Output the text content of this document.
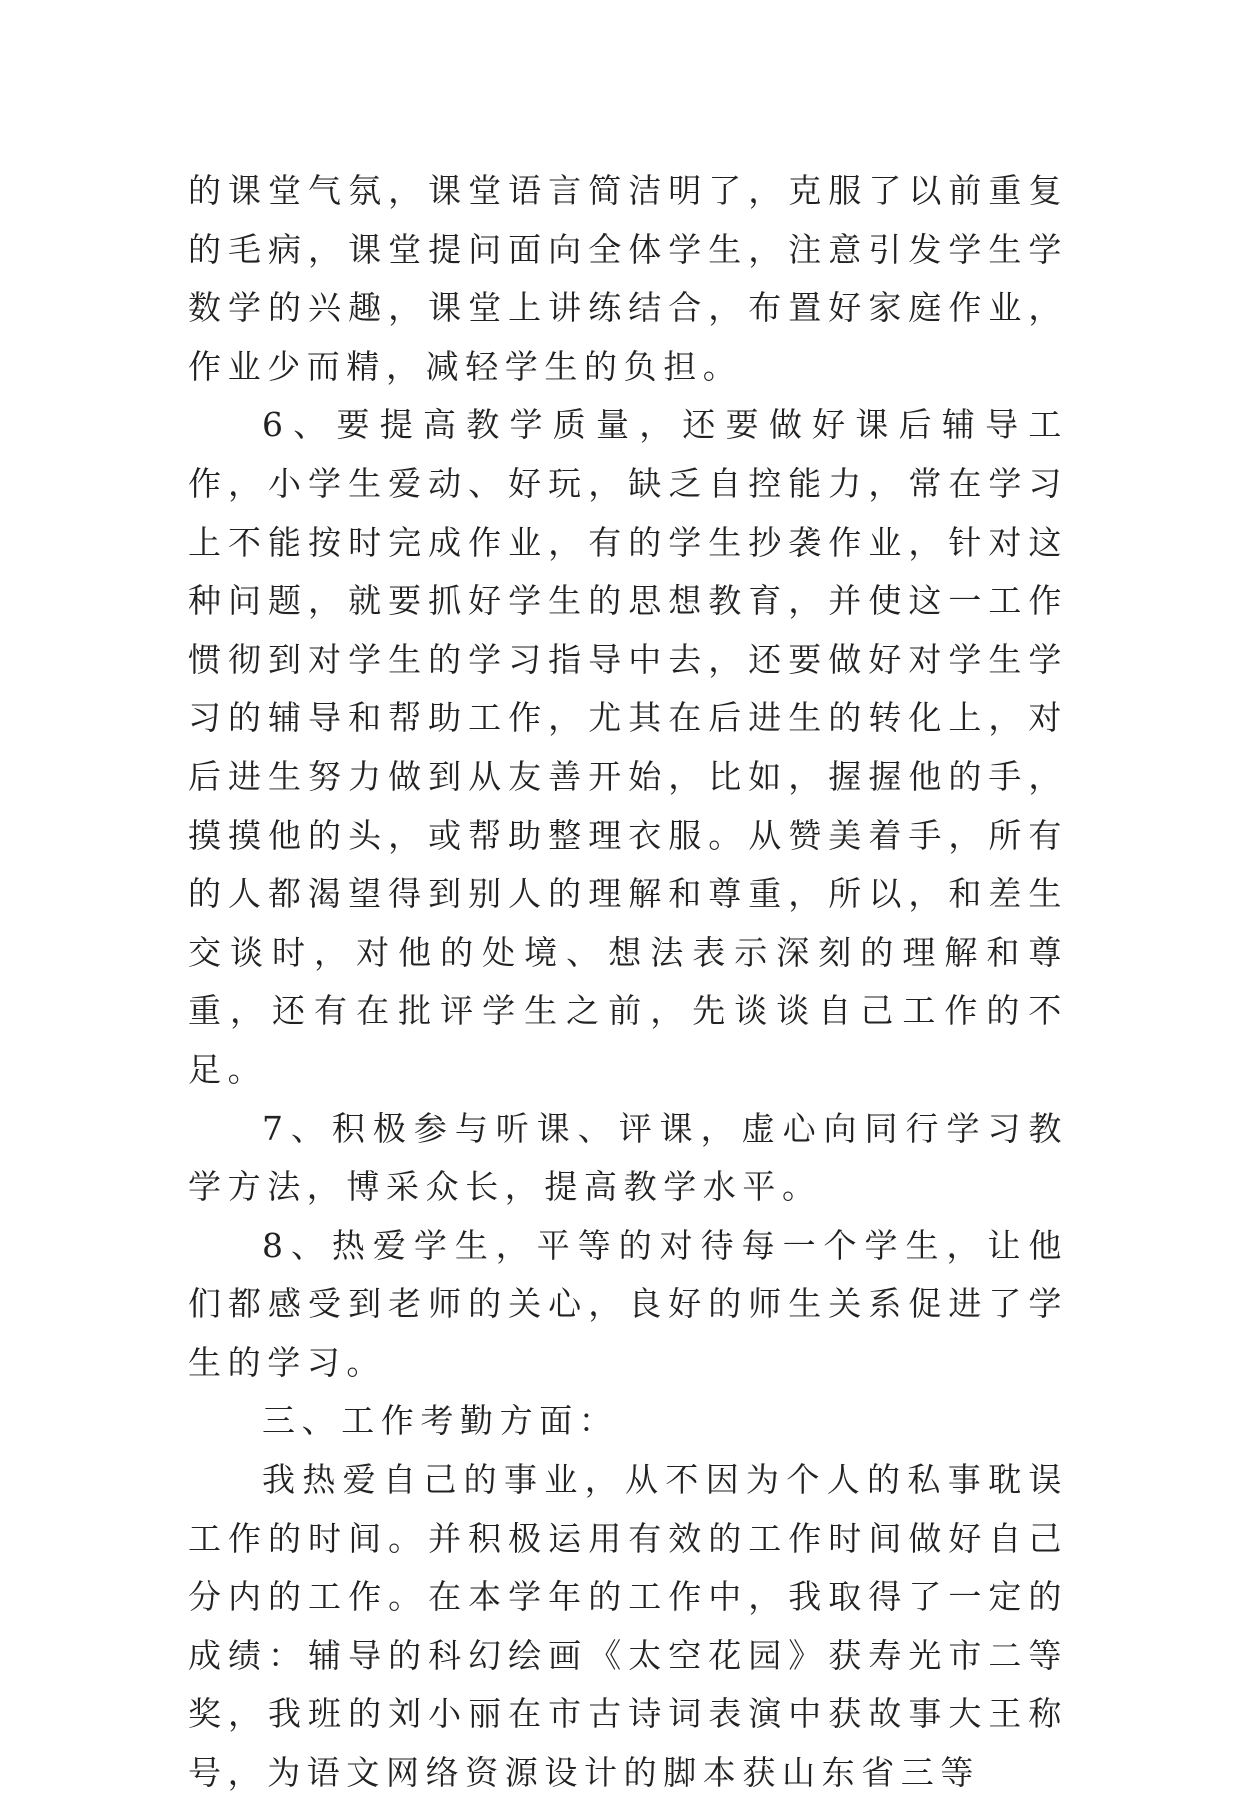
的课堂气氛，课堂语言简洁明了，克服了以前重复的毛病，课堂提问面向全体学生，注意引发学生学数学的兴趣，课堂上讲练结合，布置好家庭作业，作业少而精，减轻学生的负担。

6、要提高教学质量，还要做好课后辅导工作，小学生爱动、好玩，缺乏自控能力，常在学习上不能按时完成作业，有的学生抄袭作业，针对这种问题，就要抓好学生的思想教育，并使这一工作惯彻到对学生的学习指导中去，还要做好对学生学习的辅导和帮助工作，尤其在后进生的转化上，对后进生努力做到从友善开始，比如，握握他的手，摸摸他的头，或帮助整理衣服。从赞美着手，所有的人都渴望得到别人的理解和尊重，所以，和差生交谈时，对他的处境、想法表示深刻的理解和尊重，还有在批评学生之前，先谈谈自己工作的不足。

7、积极参与听课、评课，虚心向同行学习教学方法，博采众长，提高教学水平。

8、热爱学生，平等的对待每一个学生，让他们都感受到老师的关心，良好的师生关系促进了学生的学习。

三、工作考勤方面：

我热爱自己的事业，从不因为个人的私事耽误工作的时间。并积极运用有效的工作时间做好自己分内的工作。在本学年的工作中，我取得了一定的成绩：辅导的科幻绘画《太空花园》获寿光市二等奖，我班的刘小丽在市古诗词表演中获故事大王称号，为语文网络资源设计的脚本获山东省三等
